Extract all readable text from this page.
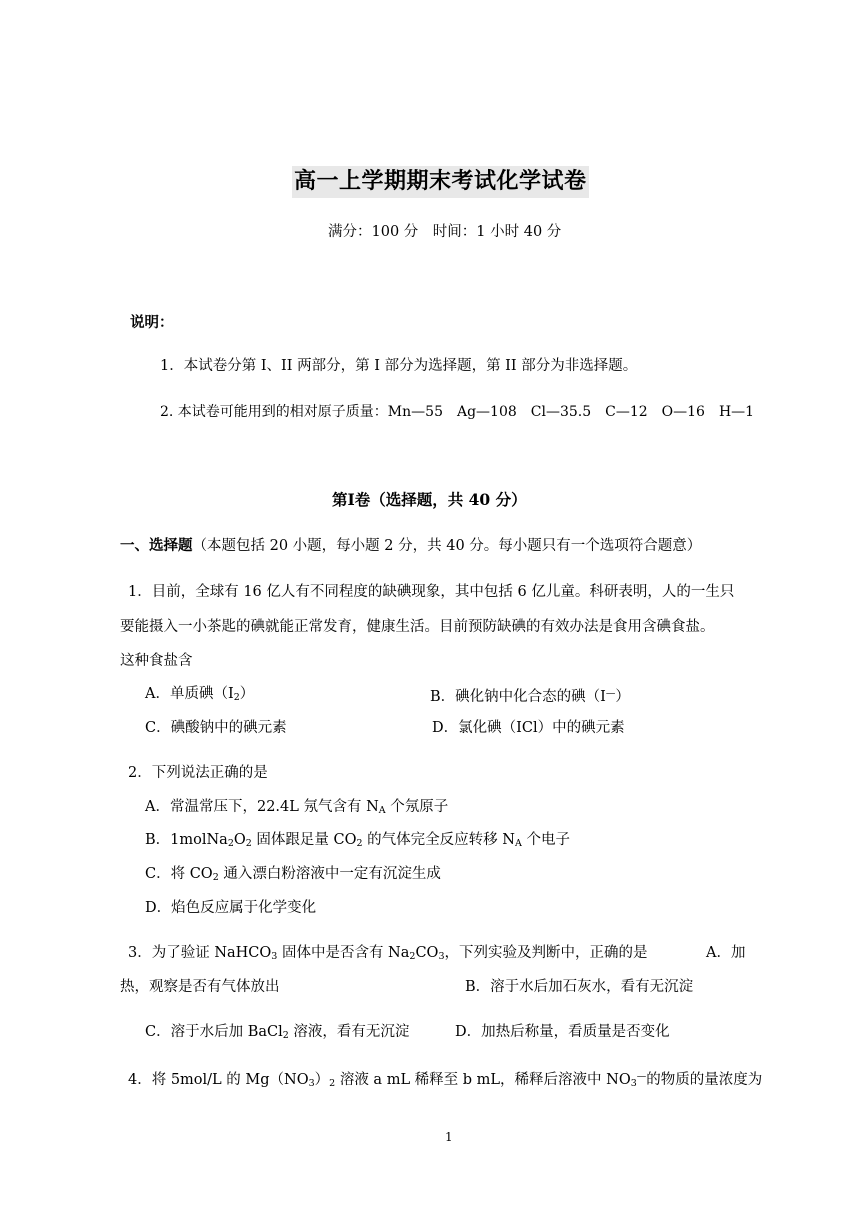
高一上学期期末考试化学试卷
满分：100 分　时间：1 小时 40 分
说明：
1．本试卷分第 I、II 两部分，第 I 部分为选择题，第 II 部分为非选择题。
2. 本试卷可能用到的相对原子质量：Mn—55　Ag—108　Cl—35.5　C—12　O—16　H—1
第Ⅰ卷（选择题，共 40 分）
一、选择题（本题包括 20 小题，每小题 2 分，共 40 分。每小题只有一个选项符合题意）
1．目前，全球有 16 亿人有不同程度的缺碘现象，其中包括 6 亿儿童。科研表明，人的一生只
要能摄入一小茶匙的碘就能正常发育，健康生活。目前预防缺碘的有效办法是食用含碘食盐。
这种食盐含
A．单质碘$(I_2)$	B．碘化钠中化合态的碘（I—）
C．碘酸钠中的碘元素	D．氯化碘（ICl）中的碘元素
2．下列说法正确的是
A．常温常压下，22.4L 氖气含有 $N_A$ 个氖原子
B．$1molNa_2O_2$ 固体跟足量 $CO_2$ 的气体完全反应转移 $N_A$ 个电子
C．将 $CO_2$ 通入漂白粉溶液中一定有沉淀生成
D．焰色反应属于化学变化
3．为了验证 NaHCO$_3$ 固体中是否含有 $Na_2CO_3$，下列实验及判断中，正确的是	A．加
热，观察是否有气体放出	B．溶于水后加石灰水，看有无沉淀
C．溶于水后加 BaCl$_2$ 溶液，看有无沉淀	D．加热后称量，看质量是否变化
4．将 5mol/L 的 $Mg(NO_3)_2$ 溶液 a mL 稀释至 b mL，稀释后溶液中 $NO_3^—$的物质的量浓度为
1
